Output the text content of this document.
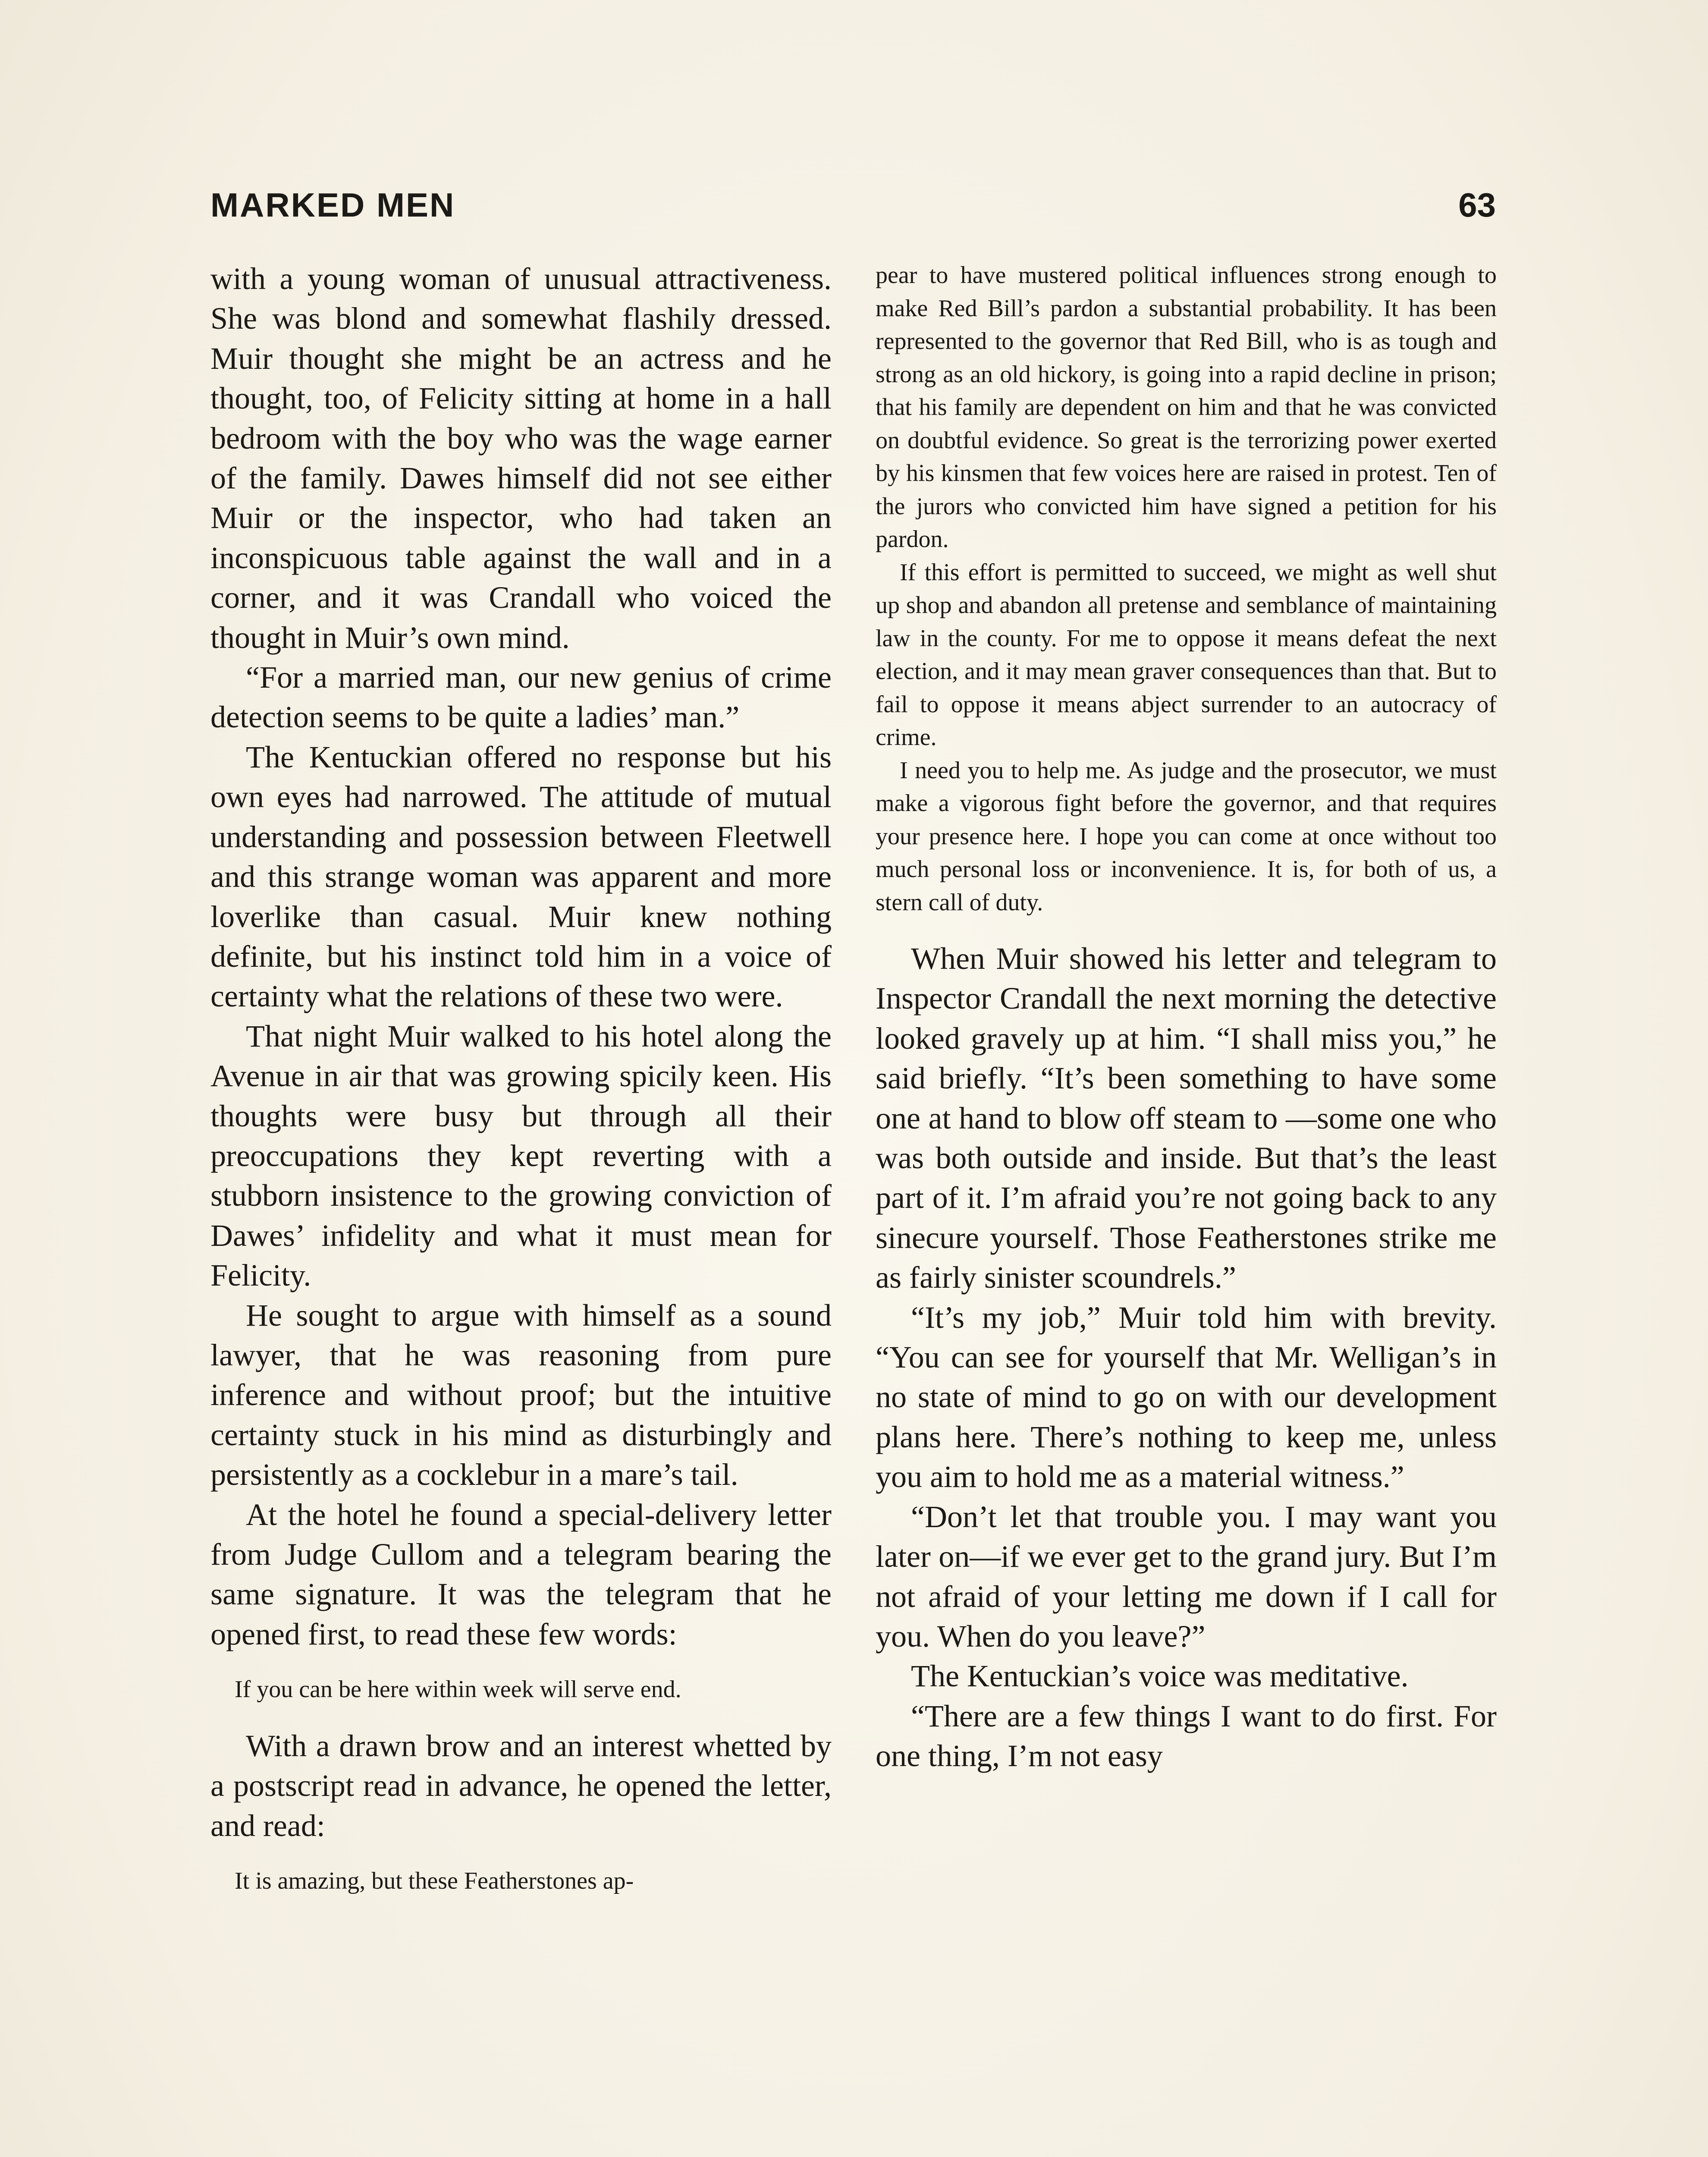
MARKED MEN	63

with a young woman of unusual attractiveness. She was blond and somewhat flashily dressed. Muir thought she might be an actress and he thought, too, of Felicity sitting at home in a hall bedroom with the boy who was the wage earner of the family. Dawes himself did not see either Muir or the inspector, who had taken an inconspicuous table against the wall and in a corner, and it was Crandall who voiced the thought in Muir’s own mind.

“For a married man, our new genius of crime detection seems to be quite a ladies’ man.”

The Kentuckian offered no response but his own eyes had narrowed. The attitude of mutual understanding and possession between Fleetwell and this strange woman was apparent and more loverlike than casual. Muir knew nothing definite, but his instinct told him in a voice of certainty what the relations of these two were.

That night Muir walked to his hotel along the Avenue in air that was growing spicily keen. His thoughts were busy but through all their preoccupations they kept reverting with a stubborn insistence to the growing conviction of Dawes’ infidelity and what it must mean for Felicity.

He sought to argue with himself as a sound lawyer, that he was reasoning from pure inference and without proof; but the intuitive certainty stuck in his mind as disturbingly and persistently as a cocklebur in a mare’s tail.

At the hotel he found a special-delivery letter from Judge Cullom and a telegram bearing the same signature. It was the telegram that he opened first, to read these few words:

If you can be here within week will serve end.

With a drawn brow and an interest whetted by a postscript read in advance, he opened the letter, and read:

It is amazing, but these Featherstones ap-

pear to have mustered political influences strong enough to make Red Bill’s pardon a substantial probability. It has been represented to the governor that Red Bill, who is as tough and strong as an old hickory, is going into a rapid decline in prison; that his family are dependent on him and that he was convicted on doubtful evidence. So great is the terrorizing power exerted by his kinsmen that few voices here are raised in protest. Ten of the jurors who convicted him have signed a petition for his pardon.

If this effort is permitted to succeed, we might as well shut up shop and abandon all pretense and semblance of maintaining law in the county. For me to oppose it means defeat the next election, and it may mean graver consequences than that. But to fail to oppose it means abject surrender to an autocracy of crime.

I need you to help me. As judge and the prosecutor, we must make a vigorous fight before the governor, and that requires your presence here. I hope you can come at once without too much personal loss or inconvenience. It is, for both of us, a stern call of duty.

When Muir showed his letter and telegram to Inspector Crandall the next morning the detective looked gravely up at him. “I shall miss you,” he said briefly. “It’s been something to have some one at hand to blow off steam to —some one who was both outside and inside. But that’s the least part of it. I’m afraid you’re not going back to any sinecure yourself. Those Featherstones strike me as fairly sinister scoundrels.”

“It’s my job,” Muir told him with brevity. “You can see for yourself that Mr. Welligan’s in no state of mind to go on with our development plans here. There’s nothing to keep me, unless you aim to hold me as a material witness.”

“Don’t let that trouble you. I may want you later on—if we ever get to the grand jury. But I’m not afraid of your letting me down if I call for you. When do you leave?”

The Kentuckian’s voice was meditative.

“There are a few things I want to do first. For one thing, I’m not easy
